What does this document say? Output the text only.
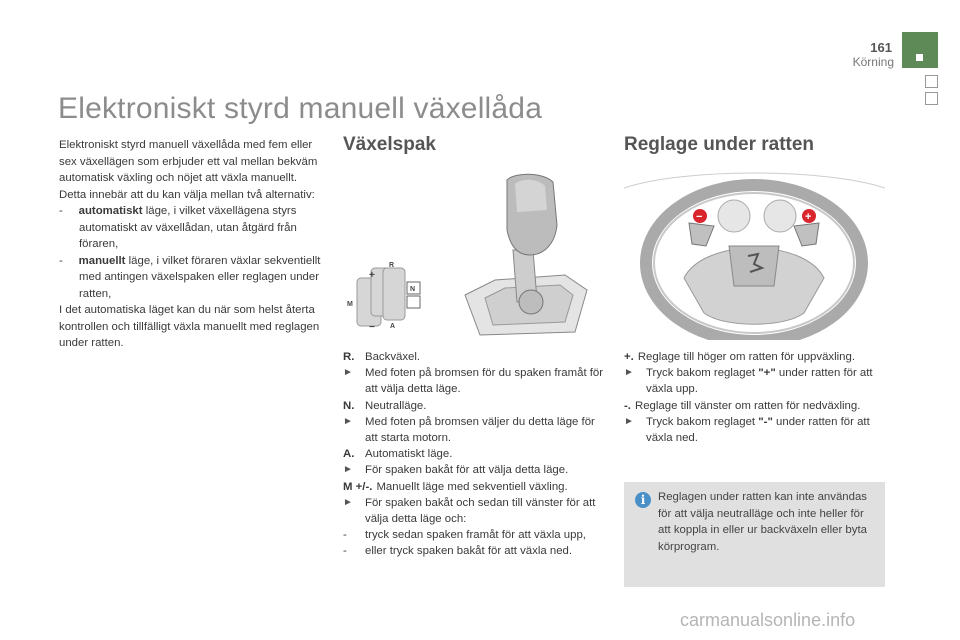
161
Körning
Elektroniskt styrd manuell växellåda

Elektroniskt styrd manuell växellåda med fem eller sex växellägen som erbjuder ett val mellan bekväm automatisk växling och nöjet att växla manuellt.

Detta innebär att du kan välja mellan två alternativ:

- automatiskt läge, i vilket växellägena styrs automatiskt av växellådan, utan åtgärd från föraren,

- manuellt läge, i vilket föraren växlar sekventiellt med antingen växelspaken eller reglagen under ratten,

I det automatiska läget kan du när som helst återta kontrollen och tillfälligt växla manuellt med reglagen under ratten.

Växelspak
+
−
R
N
A
M
R. Backväxel.
►	Med foten på bromsen för du spaken framåt för att välja detta läge.
N. Neutralläge.
►	Med foten på bromsen väljer du detta läge för att starta motorn.
A. Automatiskt läge.
►	För spaken bakåt för att välja detta läge.
M +/-. Manuellt läge med sekventiell växling.
►	För spaken bakåt och sedan till vänster för att välja detta läge och:
-	tryck sedan spaken framåt för att växla upp,
-	eller tryck spaken bakåt för att växla ned.
Reglage under ratten
−	+
+. Reglage till höger om ratten för uppväxling.
►	Tryck bakom reglaget "+" under ratten för att växla upp.
-. Reglage till vänster om ratten för nedväxling.
►	Tryck bakom reglaget "-" under ratten för att växla ned.
i	Reglagen under ratten kan inte användas för att välja neutralläge och inte heller för att koppla in eller ur backväxeln eller byta körprogram.
carmanualsonline.info
